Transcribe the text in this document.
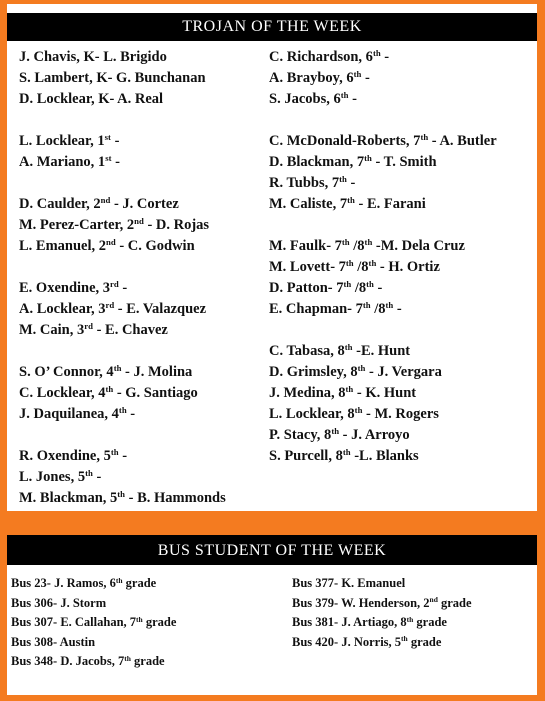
TROJAN OF THE WEEK
J. Chavis, K- L. Brigido
S. Lambert, K- G. Bunchanan
D. Locklear, K- A. Real
L. Locklear, 1st -
A. Mariano, 1st -
D. Caulder, 2nd - J. Cortez
M. Perez-Carter, 2nd - D. Rojas
L. Emanuel, 2nd - C. Godwin
E. Oxendine, 3rd -
A. Locklear, 3rd - E. Valazquez
M. Cain, 3rd - E. Chavez
S. O’ Connor, 4th - J. Molina
C. Locklear, 4th - G. Santiago
J. Daquilanea, 4th -
R. Oxendine, 5th -
L. Jones, 5th -
M. Blackman, 5th - B. Hammonds
C. Richardson, 6th -
A. Brayboy, 6th -
S. Jacobs, 6th -
C. McDonald-Roberts, 7th - A. Butler
D. Blackman, 7th - T. Smith
R. Tubbs, 7th -
M. Caliste, 7th - E. Farani
M. Faulk- 7th /8th -M. Dela Cruz
M. Lovett- 7th /8th - H. Ortiz
D. Patton- 7th /8th -
E. Chapman- 7th /8th -
C. Tabasa, 8th -E. Hunt
D. Grimsley, 8th - J. Vergara
J. Medina, 8th - K. Hunt
L. Locklear, 8th - M. Rogers
P. Stacy, 8th - J. Arroyo
S. Purcell, 8th -L. Blanks
BUS STUDENT OF THE WEEK
Bus 23- J. Ramos, 6th grade
Bus 306- J. Storm
Bus 307- E. Callahan, 7th grade
Bus 308- Austin
Bus 348- D. Jacobs, 7th grade
Bus 377- K. Emanuel
Bus 379- W. Henderson, 2nd grade
Bus 381- J. Artiago, 8th grade
Bus 420- J. Norris, 5th grade
